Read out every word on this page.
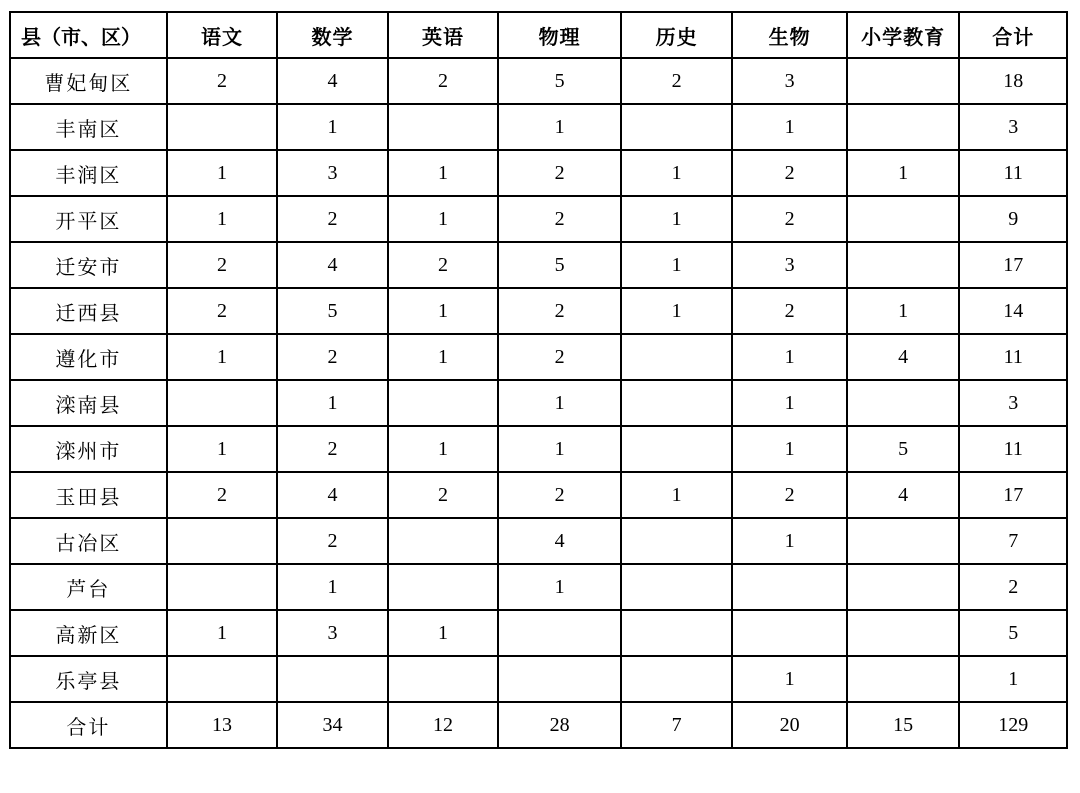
县（市、区）	语文	数学	英语	物理	历史	生物	小学教育	合计
曹妃甸区	2	4	2	5	2	3		18
丰南区		1		1		1		3
丰润区	1	3	1	2	1	2	1	11
开平区	1	2	1	2	1	2		9
迁安市	2	4	2	5	1	3		17
迁西县	2	5	1	2	1	2	1	14
遵化市	1	2	1	2		1	4	11
滦南县		1		1		1		3
滦州市	1	2	1	1		1	5	11
玉田县	2	4	2	2	1	2	4	17
古冶区		2		4		1		7
芦台		1		1				2
高新区	1	3	1					5
乐亭县						1		1
合计	13	34	12	28	7	20	15	129
